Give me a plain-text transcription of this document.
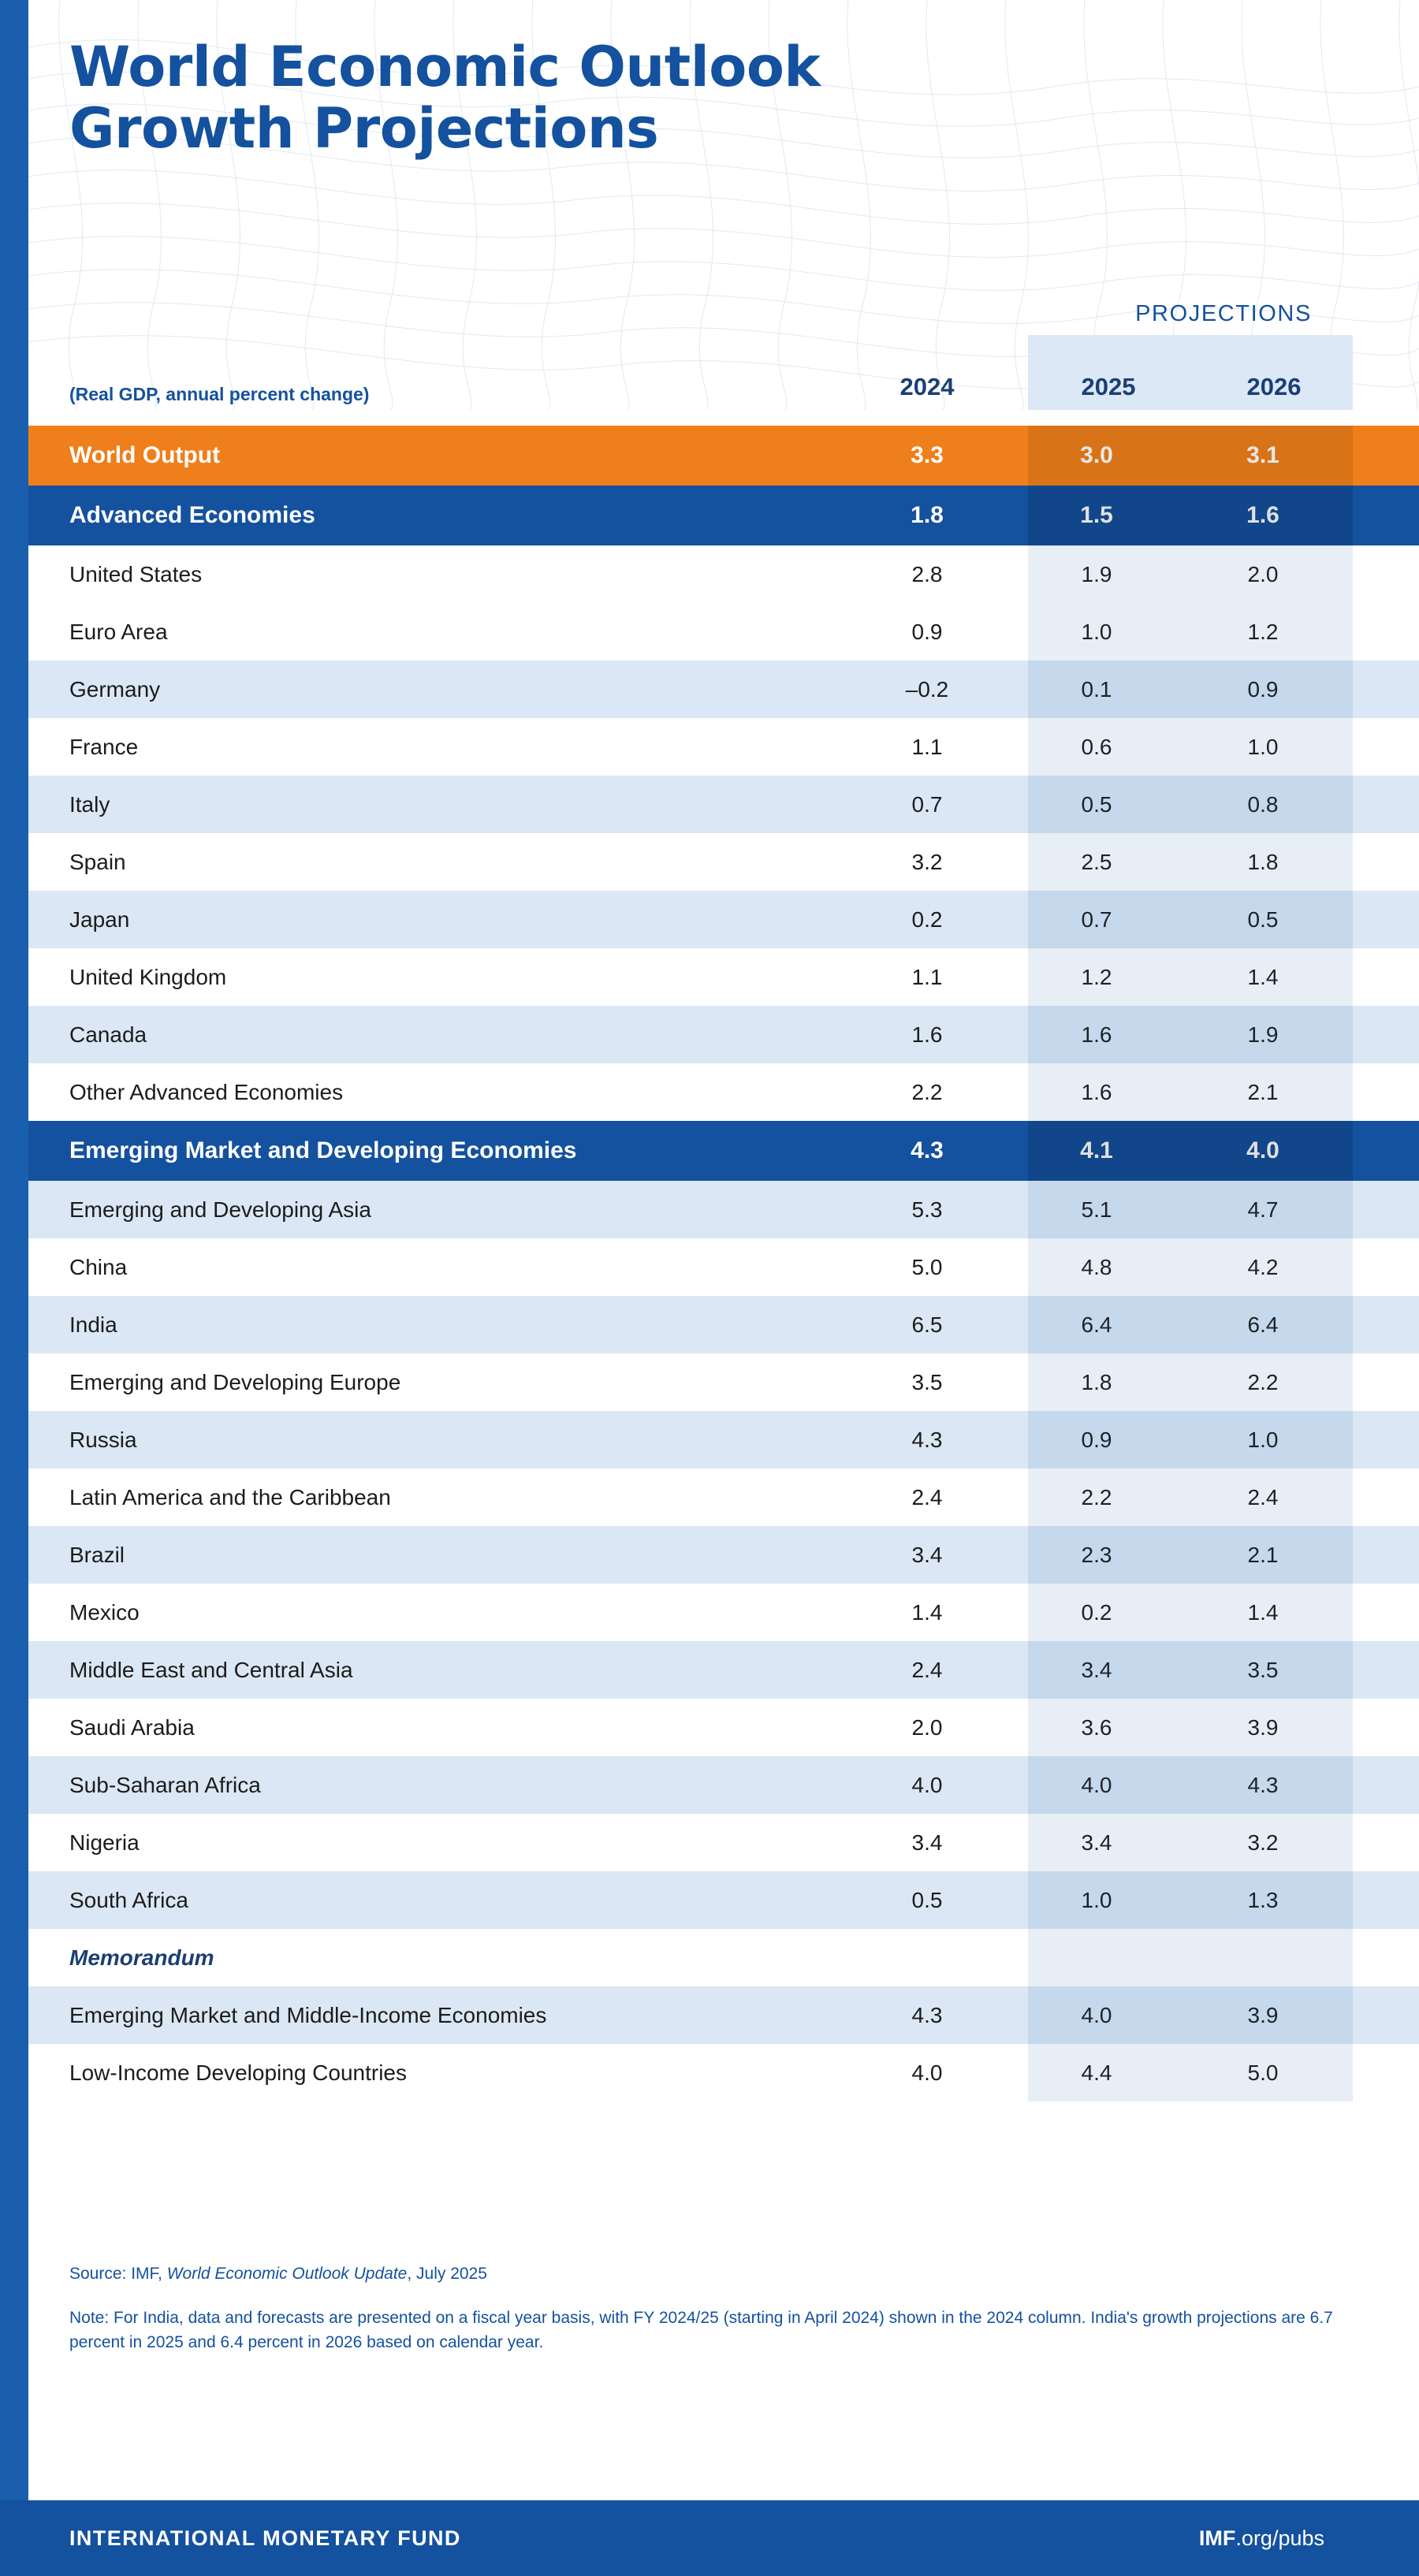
World Economic Outlook
Growth Projections
PROJECTIONS
(Real GDP, annual percent change)	2024	2025	2026
World Output	3.3	3.0	3.1
Advanced Economies	1.8	1.5	1.6
United States	2.8	1.9	2.0
Euro Area	0.9	1.0	1.2
Germany	–0.2	0.1	0.9
France	1.1	0.6	1.0
Italy	0.7	0.5	0.8
Spain	3.2	2.5	1.8
Japan	0.2	0.7	0.5
United Kingdom	1.1	1.2	1.4
Canada	1.6	1.6	1.9
Other Advanced Economies	2.2	1.6	2.1
Emerging Market and Developing Economies	4.3	4.1	4.0
Emerging and Developing Asia	5.3	5.1	4.7
China	5.0	4.8	4.2
India	6.5	6.4	6.4
Emerging and Developing Europe	3.5	1.8	2.2
Russia	4.3	0.9	1.0
Latin America and the Caribbean	2.4	2.2	2.4
Brazil	3.4	2.3	2.1
Mexico	1.4	0.2	1.4
Middle East and Central Asia	2.4	3.4	3.5
Saudi Arabia	2.0	3.6	3.9
Sub-Saharan Africa	4.0	4.0	4.3
Nigeria	3.4	3.4	3.2
South Africa	0.5	1.0	1.3
Memorandum
Emerging Market and Middle-Income Economies	4.3	4.0	3.9
Low-Income Developing Countries	4.0	4.4	5.0
Source: IMF, World Economic Outlook Update, July 2025
Note: For India, data and forecasts are presented on a fiscal year basis, with FY 2024/25 (starting in April 2024) shown in the 2024 column. India's growth projections are 6.7 percent in 2025 and 6.4 percent in 2026 based on calendar year.
INTERNATIONAL MONETARY FUND	IMF.org/pubs
